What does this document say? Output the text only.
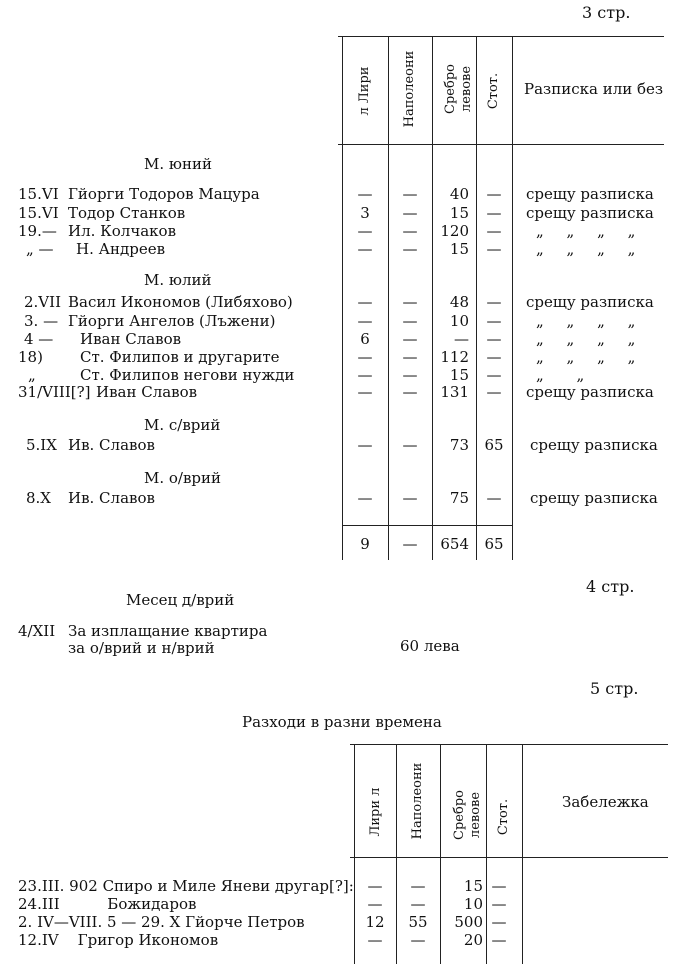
3 стр.
л Лири Наполеони Сребро левове Стот. Разписка или без
М. юний
М. юлий
М. с/врий
М. о/врий
15.VI Гйорги Тодоров Мацура	—	—	40	—	срещу разписка
15.VI Тодор Станков	3	—	15	—	срещу разписка
19.— Ил. Колчаков	—	—	120	—	„ „ „ „
„ — Н. Андреев	—	—	15	—	„ „ „ „
2.VII Васил Икономов (Либяхово)	—	—	48	—	срещу разписка
3. — Гйорги Ангелов (Лъжени)	—	—	10	—	„ „ „ „
4 — Иван Славов	6	—	—	—	„ „ „ „
18) Ст. Филипов и другарите	—	—	112	—	„ „ „ „
„	Ст. Филипов негови нужди	—	—	15	—	„ „
31/VIII[?] Иван Славов	—	—	131	—	срещу разписка
5.IX Ив. Славов	—	—	73	65	срещу разписка
8.X Ив. Славов	—	—	75	—	срещу разписка
9	—	654	65
4 стр.
Месец д/врий
4/XII За изплащание квартира
за о/врий и н/врий	60 лева
5 стр.
Разходи в разни времена
Лири л Наполеони Сребро левове Стот.	Забележка
23.III. 902 Спиро и Миле Яневи другар[?]: —	—	15 —
24.III          Божидаров	—	—	10 —
2. IV—VIII. 5 — 29. X Гйорче Петров	12	55	500 —
12.IV    Григор Икономов	—	—	20 —
